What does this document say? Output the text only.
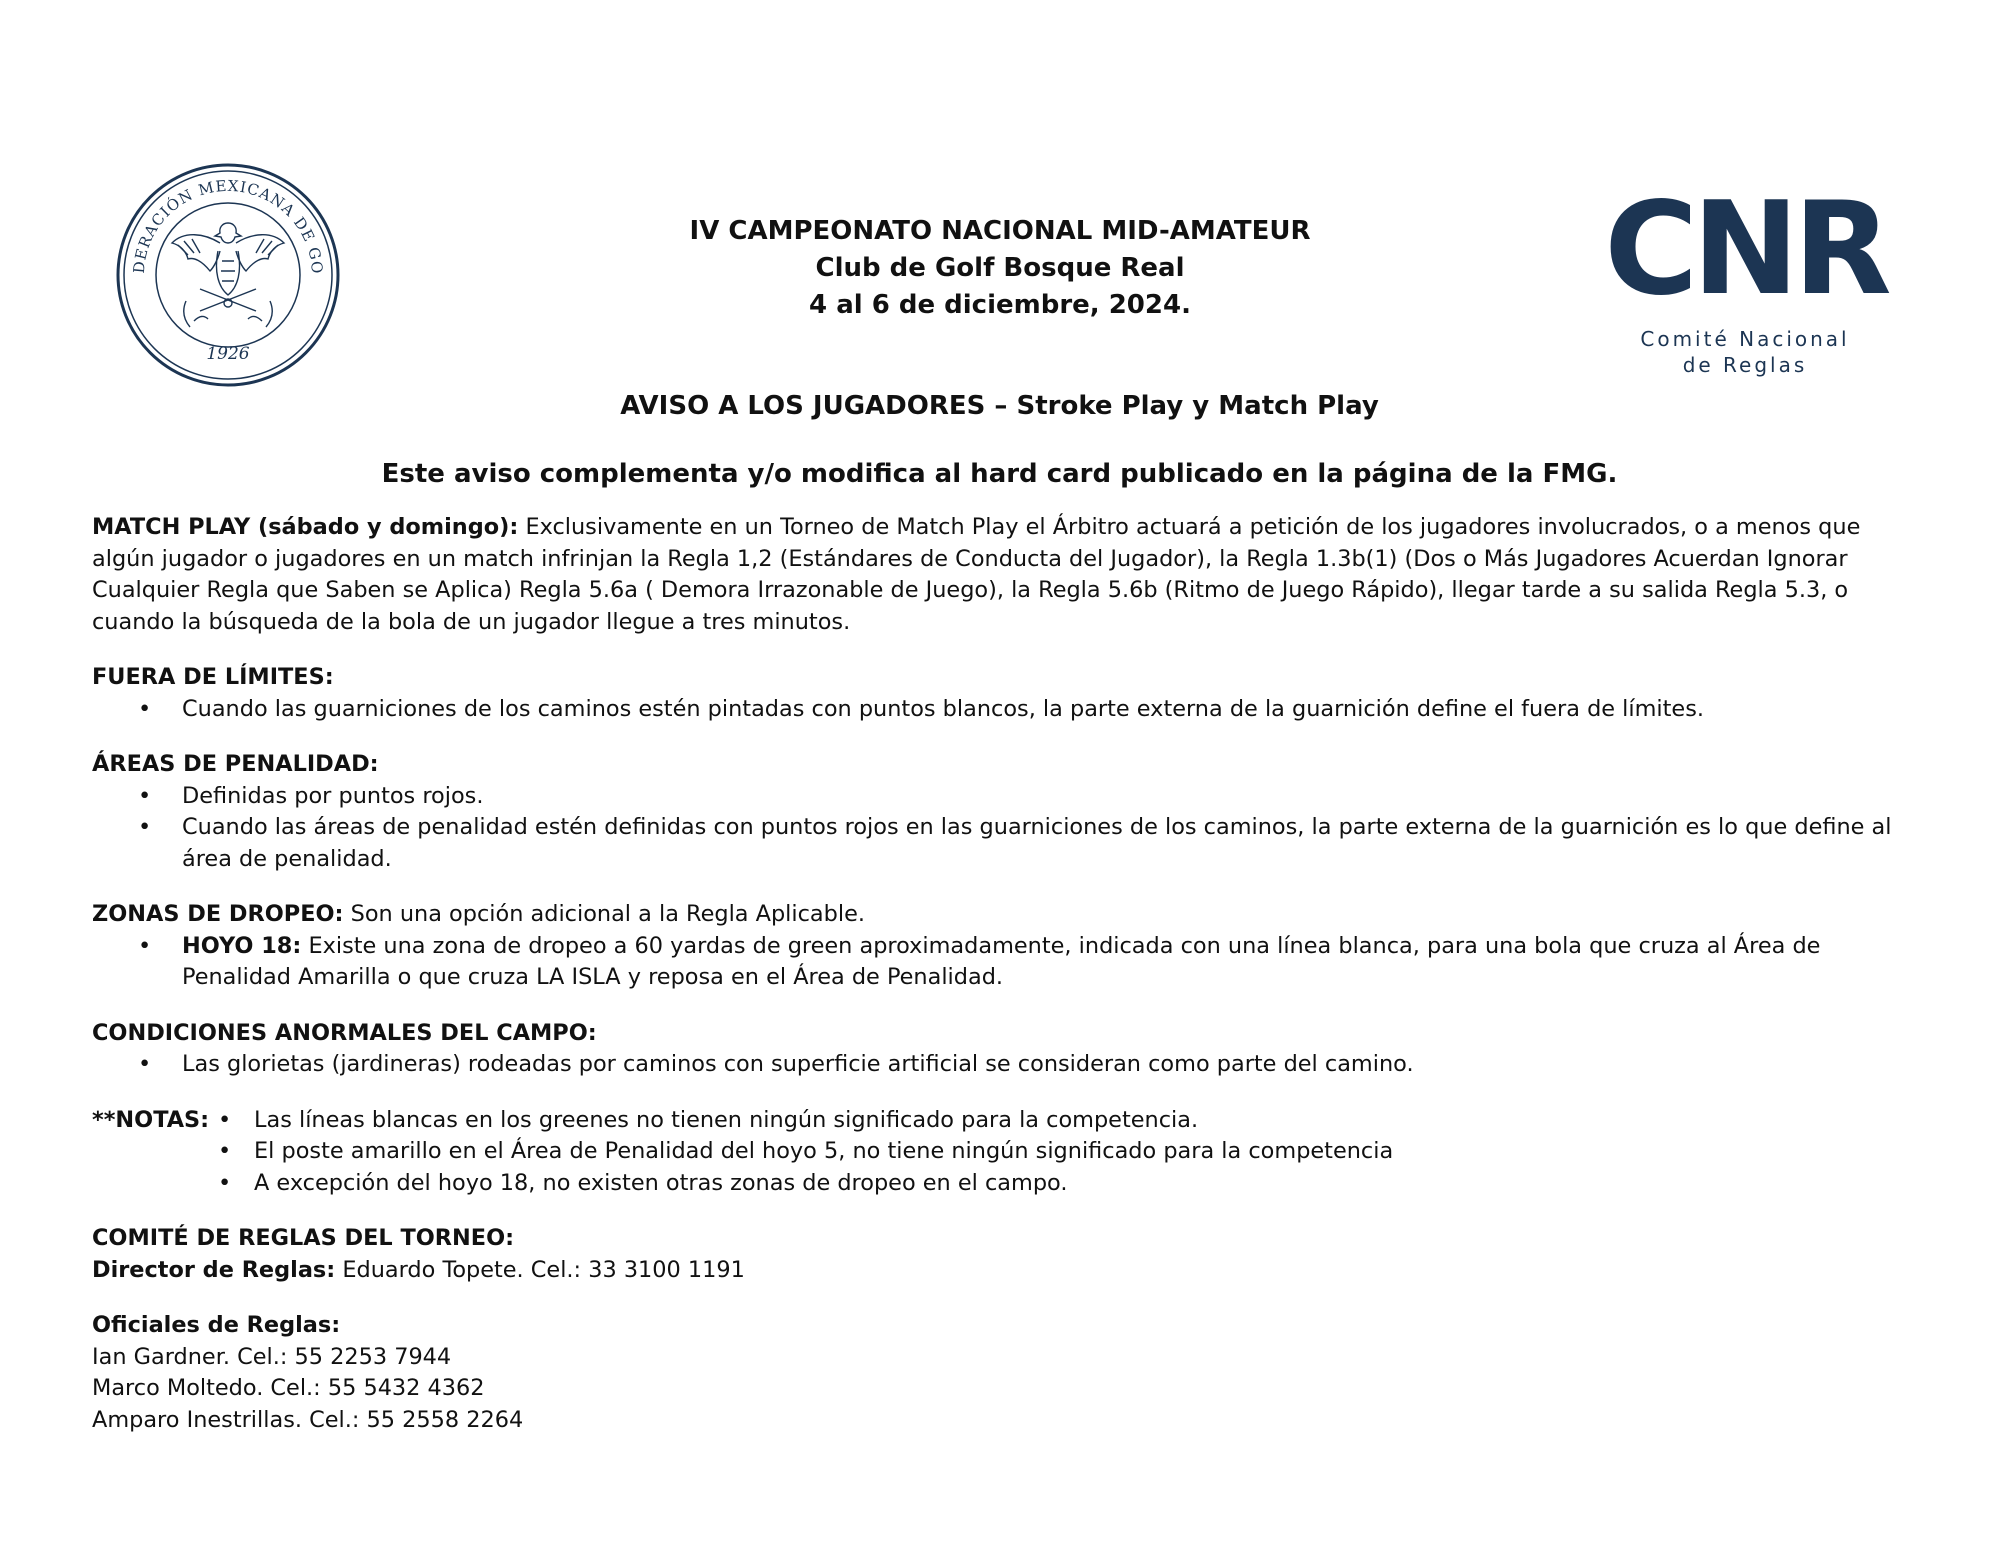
DERACIÓN MEXICANA DE GO
1926
CNR
Comité Nacional
de Reglas
IV CAMPEONATO NACIONAL MID-AMATEUR
Club de Golf Bosque Real
4 al 6 de diciembre, 2024.
AVISO A LOS JUGADORES – Stroke Play y Match Play
Este aviso complementa y/o modifica al hard card publicado en la página de la FMG.

MATCH PLAY (sábado y domingo): Exclusivamente en un Torneo de Match Play el Árbitro actuará a petición de los jugadores involucrados, o a menos que algún jugador o jugadores en un match infrinjan la Regla 1,2 (Estándares de Conducta del Jugador), la Regla 1.3b(1) (Dos o Más Jugadores Acuerdan Ignorar Cualquier Regla que Saben se Aplica) Regla 5.6a ( Demora Irrazonable de Juego), la Regla 5.6b (Ritmo de Juego Rápido), llegar tarde a su salida Regla 5.3, o cuando la búsqueda de la bola de un jugador llegue a tres minutos.

FUERA DE LÍMITES:
• Cuando las guarniciones de los caminos estén pintadas con puntos blancos, la parte externa de la guarnición define el fuera de límites.
ÁREAS DE PENALIDAD:
• Definidas por puntos rojos.
• Cuando las áreas de penalidad estén definidas con puntos rojos en las guarniciones de los caminos, la parte externa de la guarnición es lo que define al área de penalidad.

ZONAS DE DROPEO: Son una opción adicional a la Regla Aplicable.

• HOYO 18: Existe una zona de dropeo a 60 yardas de green aproximadamente, indicada con una línea blanca, para una bola que cruza al Área de Penalidad Amarilla o que cruza LA ISLA y reposa en el Área de Penalidad.
CONDICIONES ANORMALES DEL CAMPO:
• Las glorietas (jardineras) rodeadas por caminos con superficie artificial se consideran como parte del camino.
**NOTAS:
• Las líneas blancas en los greenes no tienen ningún significado para la competencia.
• El poste amarillo en el Área de Penalidad del hoyo 5, no tiene ningún significado para la competencia
• A excepción del hoyo 18, no existen otras zonas de dropeo en el campo.
COMITÉ DE REGLAS DEL TORNEO:

Director de Reglas: Eduardo Topete. Cel.: 33 3100 1191

Oficiales de Reglas:

Ian Gardner. Cel.: 55 2253 7944

Marco Moltedo. Cel.: 55 5432 4362

Amparo Inestrillas. Cel.: 55 2558 2264
